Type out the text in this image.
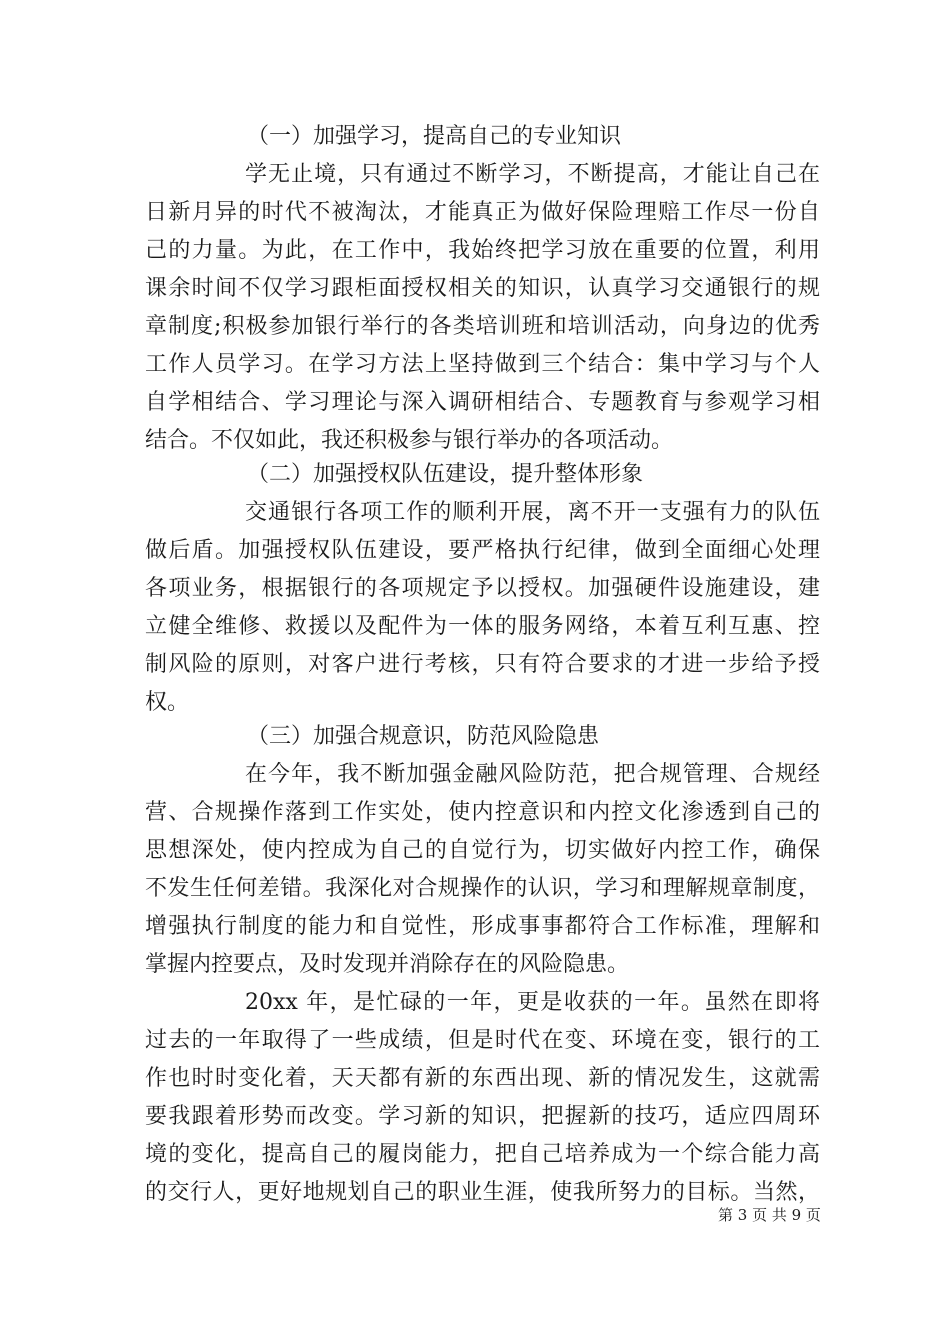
（一）加强学习，提高自己的专业知识
学无止境，只有通过不断学习，不断提高，才能让自己在
日新月异的时代不被淘汰，才能真正为做好保险理赔工作尽一份自
己的力量。为此，在工作中，我始终把学习放在重要的位置，利用
课余时间不仅学习跟柜面授权相关的知识，认真学习交通银行的规
章制度;积极参加银行举行的各类培训班和培训活动，向身边的优秀
工作人员学习。在学习方法上坚持做到三个结合：集中学习与个人
自学相结合、学习理论与深入调研相结合、专题教育与参观学习相
结合。不仅如此，我还积极参与银行举办的各项活动。
（二）加强授权队伍建设，提升整体形象
交通银行各项工作的顺利开展，离不开一支强有力的队伍
做后盾。加强授权队伍建设，要严格执行纪律，做到全面细心处理
各项业务，根据银行的各项规定予以授权。加强硬件设施建设，建
立健全维修、救援以及配件为一体的服务网络，本着互利互惠、控
制风险的原则，对客户进行考核，只有符合要求的才进一步给予授
权。
（三）加强合规意识，防范风险隐患
在今年，我不断加强金融风险防范，把合规管理、合规经
营、合规操作落到工作实处，使内控意识和内控文化渗透到自己的
思想深处，使内控成为自己的自觉行为，切实做好内控工作，确保
不发生任何差错。我深化对合规操作的认识，学习和理解规章制度，
增强执行制度的能力和自觉性，形成事事都符合工作标准，理解和
掌握内控要点，及时发现并消除存在的风险隐患。
20xx 年，是忙碌的一年，更是收获的一年。虽然在即将
过去的一年取得了一些成绩，但是时代在变、环境在变，银行的工
作也时时变化着，天天都有新的东西出现、新的情况发生，这就需
要我跟着形势而改变。学习新的知识，把握新的技巧，适应四周环
境的变化，提高自己的履岗能力，把自己培养成为一个综合能力高
的交行人，更好地规划自己的职业生涯，使我所努力的目标。当然，
第 3 页 共 9 页
